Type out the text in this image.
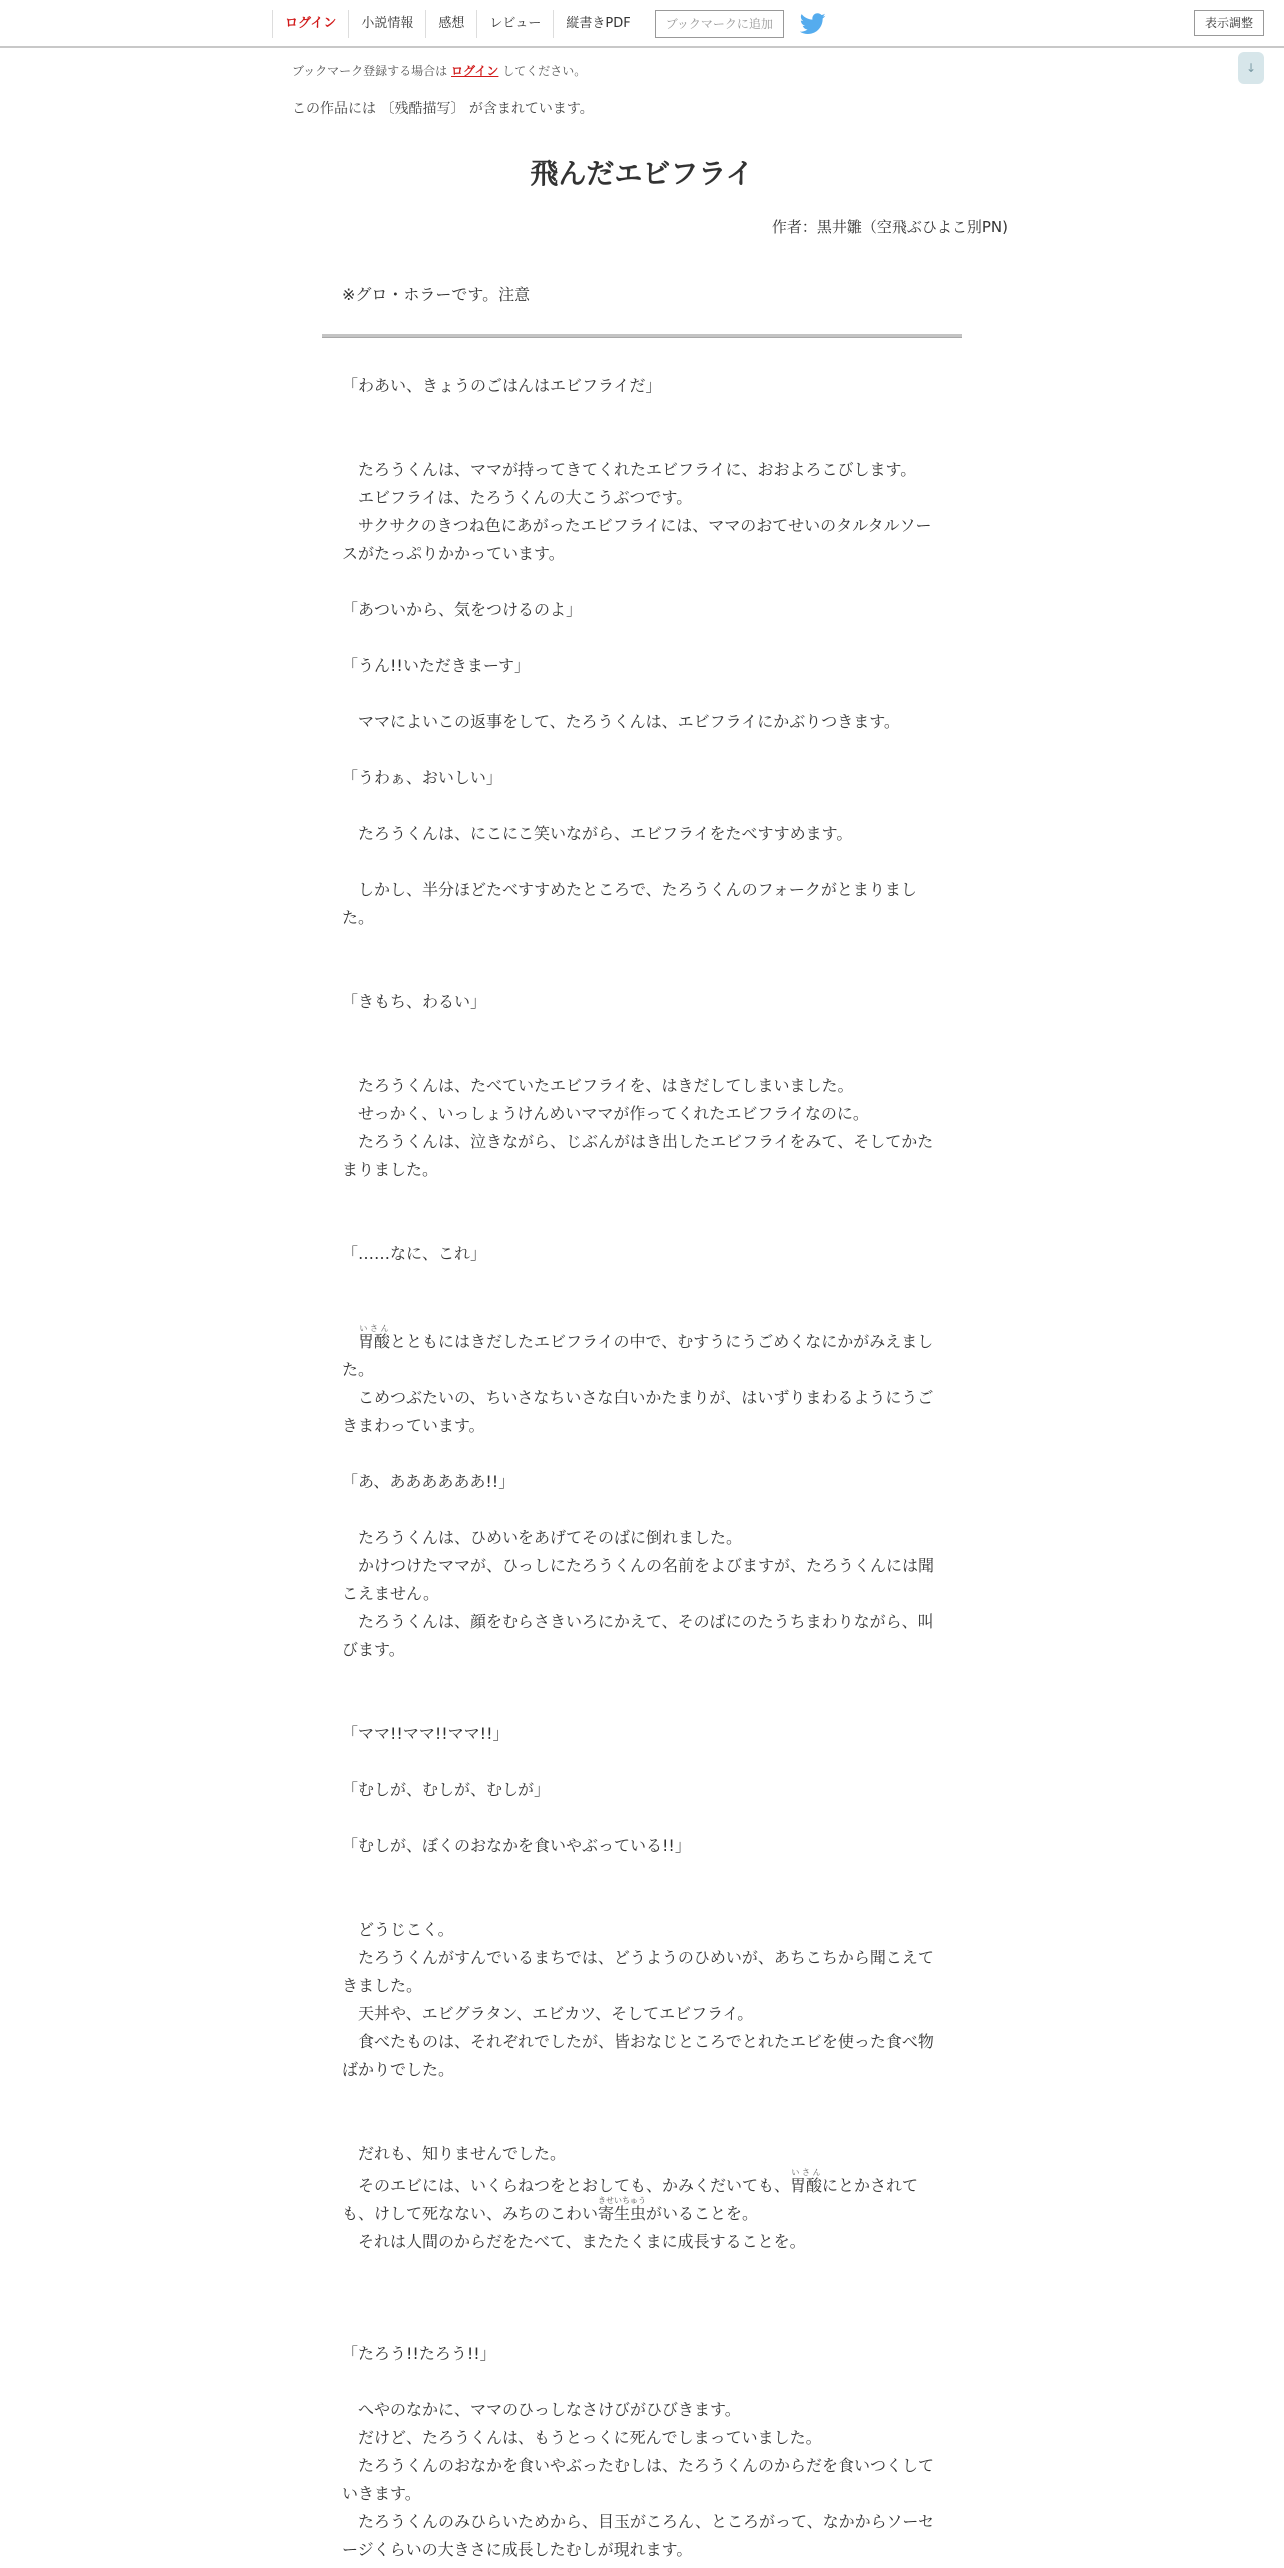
ログイン	小説情報	感想	レビュー	縦書きPDF	ブックマークに追加	表示調整
↓
ブックマーク登録する場合は ログイン してください。
この作品には 〔残酷描写〕 が含まれています。
飛んだエビフライ
作者：黒井雛（空飛ぶひよこ別PN)
※グロ・ホラーです。注意

「わあい、きょうのごはんはエビフライだ」

　たろうくんは、ママが持ってきてくれたエビフライに、おおよろこびします。

　エビフライは、たろうくんの大こうぶつです。

　サクサクのきつね色にあがったエビフライには、ママのおてせいのタルタルソースがたっぷりかかっています。

「あついから、気をつけるのよ」

「うん!!いただきまーす」

　ママによいこの返事をして、たろうくんは、エビフライにかぶりつきます。

「うわぁ、おいしい」

　たろうくんは、にこにこ笑いながら、エビフライをたべすすめます。

　しかし、半分ほどたべすすめたところで、たろうくんのフォークがとまりました。

「きもち、わるい」

　たろうくんは、たべていたエビフライを、はきだしてしまいました。

　せっかく、いっしょうけんめいママが作ってくれたエビフライなのに。

　たろうくんは、泣きながら、じぶんがはき出したエビフライをみて、そしてかたまりました。

「……なに、これ」

　胃酸いさんとともにはきだしたエビフライの中で、むすうにうごめくなにかがみえました。

　こめつぶたいの、ちいさなちいさな白いかたまりが、はいずりまわるようにうごきまわっています。

「あ、ああああああ!!」

　たろうくんは、ひめいをあげてそのばに倒れました。

　かけつけたママが、ひっしにたろうくんの名前をよびますが、たろうくんには聞こえません。

　たろうくんは、顔をむらさきいろにかえて、そのばにのたうちまわりながら、叫びます。

「ママ!!ママ!!ママ!!」

「むしが、むしが、むしが」

「むしが、ぼくのおなかを食いやぶっている!!」

　どうじこく。

　たろうくんがすんでいるまちでは、どうようのひめいが、あちこちから聞こえてきました。

　天丼や、エビグラタン、エビカツ、そしてエビフライ。

　食べたものは、それぞれでしたが、皆おなじところでとれたエビを使った食べ物ばかりでした。

　だれも、知りませんでした。

　そのエビには、いくらねつをとおしても、かみくだいても、胃酸いさんにとかされても、けして死なない、みちのこわい寄生虫きせいちゅうがいることを。

　それは人間のからだをたべて、またたくまに成長することを。

「たろう!!たろう!!」

　へやのなかに、ママのひっしなさけびがひびきます。

　だけど、たろうくんは、もうとっくに死んでしまっていました。

　たろうくんのおなかを食いやぶったむしは、たろうくんのからだを食いつくしていきます。

　たろうくんのみひらいためから、目玉がころん、ところがって、なかからソーセージくらいの大きさに成長したむしが現れます。
